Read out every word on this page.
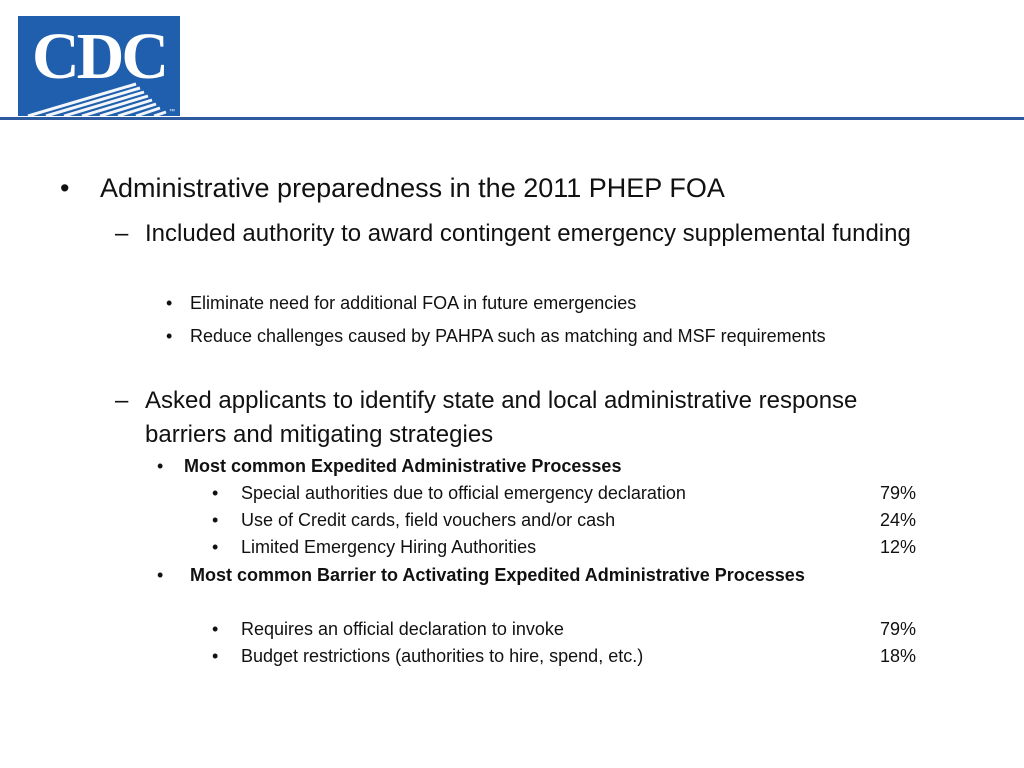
CDC
™
•	Administrative preparedness in the 2011 PHEP FOA
– Included authority to award contingent emergency supplemental funding
• Eliminate need for additional FOA in future emergencies
• Reduce challenges caused by PAHPA such as matching and MSF requirements
– Asked applicants to identify state and local administrative response barriers and mitigating strategies
•	Most common Expedited Administrative Processes
•	Special authorities due to official emergency declaration	79%
•	Use of Credit cards, field vouchers and/or cash	24%
•	Limited Emergency Hiring Authorities	12%
•	Most common Barrier to Activating Expedited Administrative Processes
•	Requires an official declaration to invoke	79%
•	Budget restrictions (authorities to hire, spend, etc.)	18%
